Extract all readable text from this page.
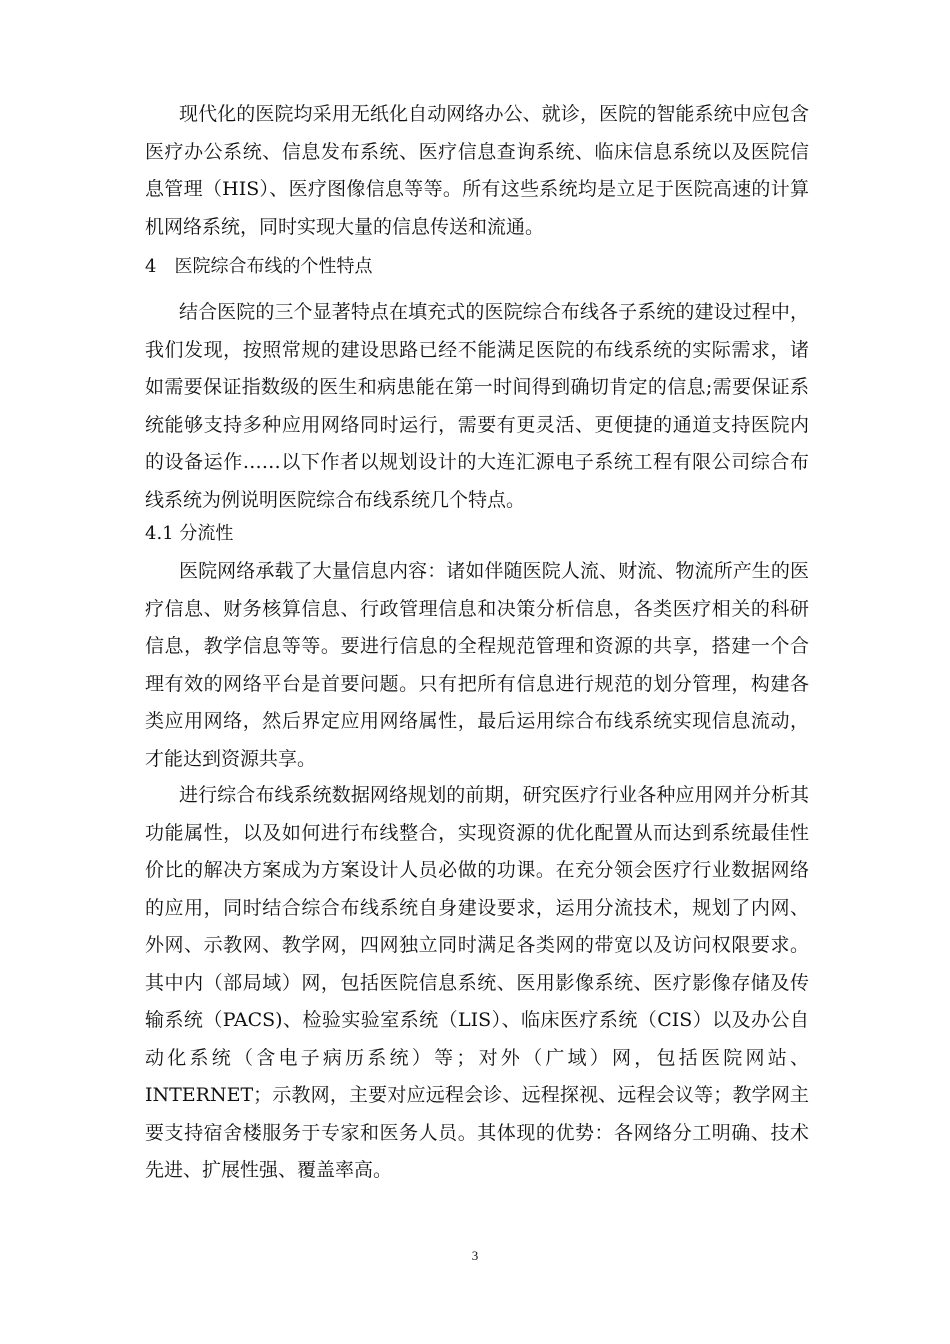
现代化的医院均采用无纸化自动网络办公、就诊，医院的智能系统中应包含医疗办公系统、信息发布系统、医疗信息查询系统、临床信息系统以及医院信息管理（HIS）、医疗图像信息等等。所有这些系统均是立足于医院高速的计算机网络系统，同时实现大量的信息传送和流通。

4　医院综合布线的个性特点

结合医院的三个显著特点在填充式的医院综合布线各子系统的建设过程中，我们发现，按照常规的建设思路已经不能满足医院的布线系统的实际需求，诸如需要保证指数级的医生和病患能在第一时间得到确切肯定的信息;需要保证系统能够支持多种应用网络同时运行，需要有更灵活、更便捷的通道支持医院内的设备运作……以下作者以规划设计的大连汇源电子系统工程有限公司综合布线系统为例说明医院综合布线系统几个特点。

4.1 分流性

医院网络承载了大量信息内容：诸如伴随医院人流、财流、物流所产生的医疗信息、财务核算信息、行政管理信息和决策分析信息，各类医疗相关的科研信息，教学信息等等。要进行信息的全程规范管理和资源的共享，搭建一个合理有效的网络平台是首要问题。只有把所有信息进行规范的划分管理，构建各类应用网络，然后界定应用网络属性，最后运用综合布线系统实现信息流动，才能达到资源共享。

进行综合布线系统数据网络规划的前期，研究医疗行业各种应用网并分析其功能属性，以及如何进行布线整合，实现资源的优化配置从而达到系统最佳性价比的解决方案成为方案设计人员必做的功课。在充分领会医疗行业数据网络的应用，同时结合综合布线系统自身建设要求，运用分流技术，规划了内网、外网、示教网、教学网，四网独立同时满足各类网的带宽以及访问权限要求。其中内（部局域）网，包括医院信息系统、医用影像系统、医疗影像存储及传输系统（PACS)、检验实验室系统（LIS）、临床医疗系统（CIS）以及办公自动化系统（含电子病历系统）等；对外（广域）网，包括医院网站、INTERNET；示教网，主要对应远程会诊、远程探视、远程会议等；教学网主要支持宿舍楼服务于专家和医务人员。其体现的优势：各网络分工明确、技术先进、扩展性强、覆盖率高。

3
